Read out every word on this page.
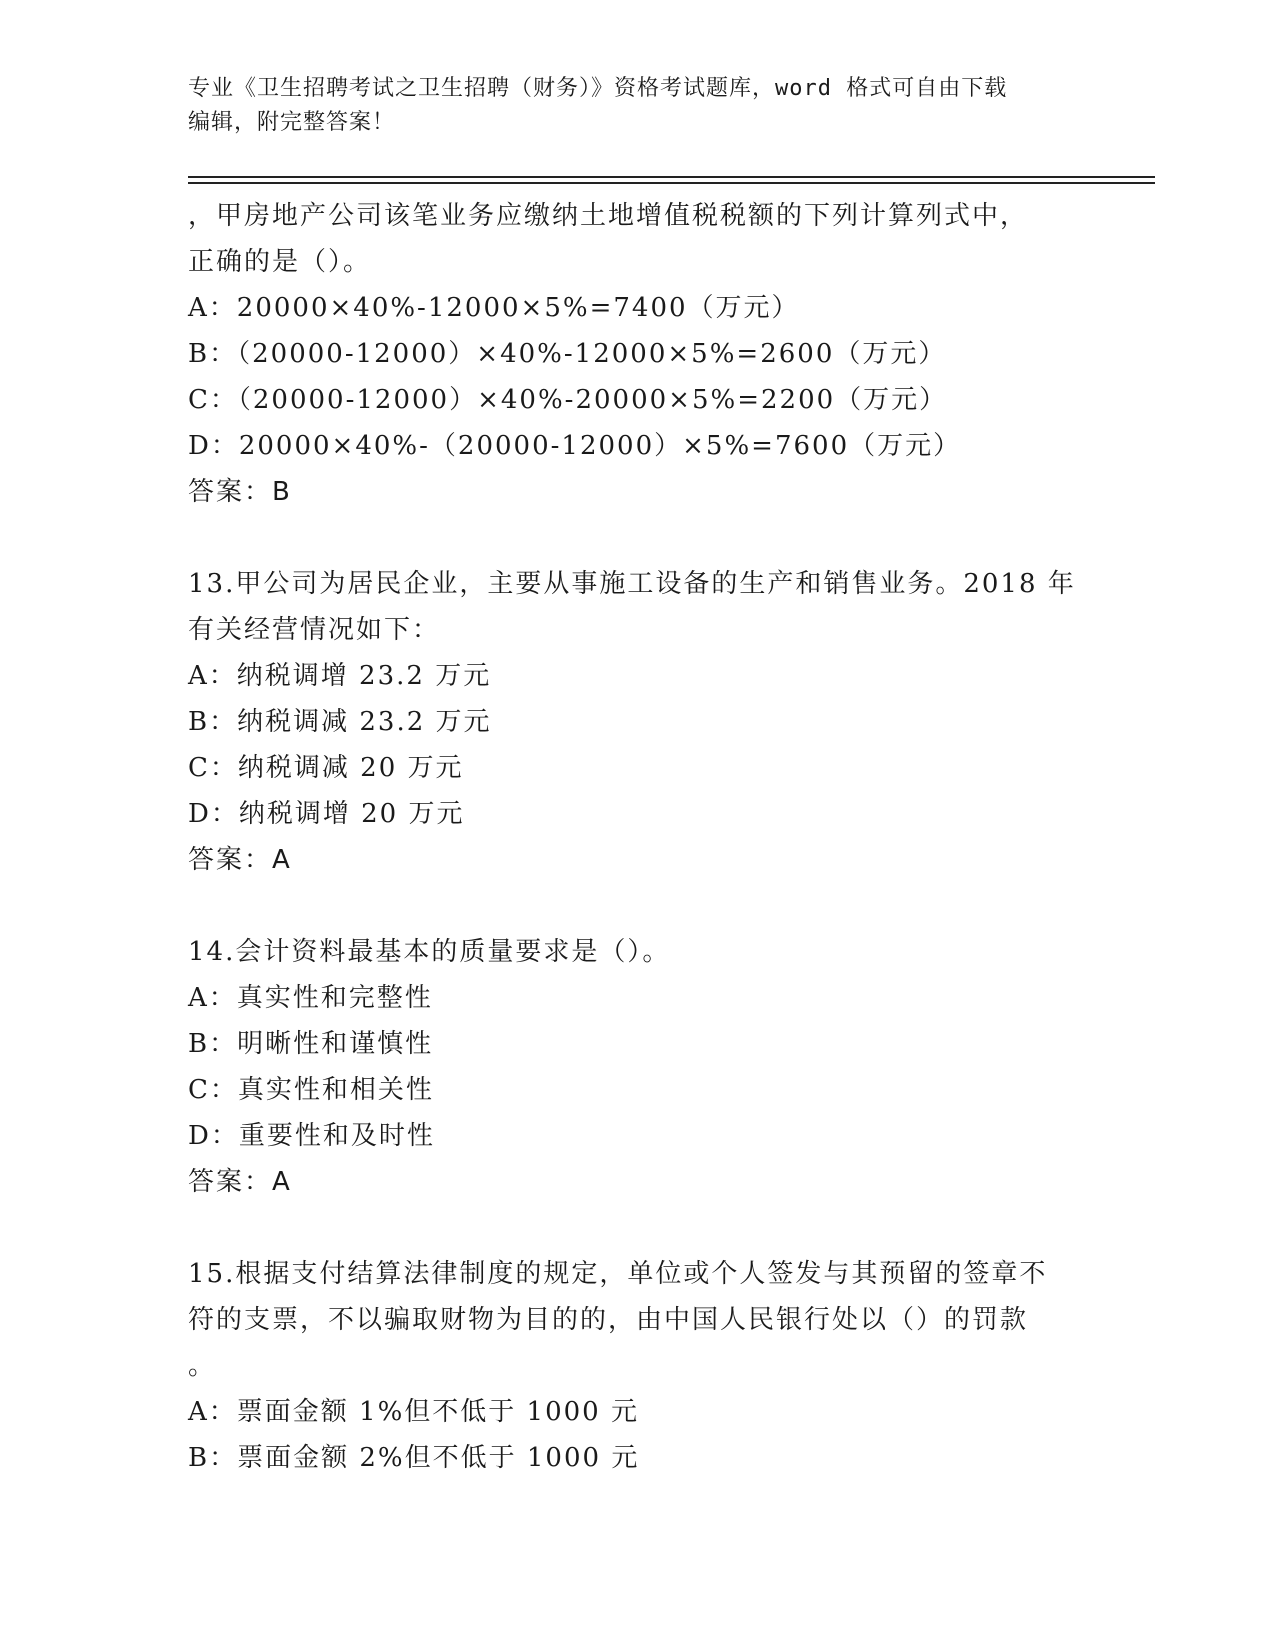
专业《卫生招聘考试之卫生招聘（财务）》资格考试题库，word 格式可自由下载
编辑，附完整答案！
，甲房地产公司该笔业务应缴纳土地增值税税额的下列计算列式中，
正确的是（）。
A：20000×40%-12000×5%=7400（万元）
B：（20000-12000）×40%-12000×5%=2600（万元）
C：（20000-12000）×40%-20000×5%=2200（万元）
D：20000×40%-（20000-12000）×5%=7600（万元）
答案：B
13.甲公司为居民企业，主要从事施工设备的生产和销售业务。2018 年
有关经营情况如下：
A：纳税调增 23.2 万元
B：纳税调减 23.2 万元
C：纳税调减 20 万元
D：纳税调增 20 万元
答案：A
14.会计资料最基本的质量要求是（）。
A：真实性和完整性
B：明晰性和谨慎性
C：真实性和相关性
D：重要性和及时性
答案：A
15.根据支付结算法律制度的规定，单位或个人签发与其预留的签章不
符的支票，不以骗取财物为目的的，由中国人民银行处以（）的罚款
。
A：票面金额 1%但不低于 1000 元
B：票面金额 2%但不低于 1000 元
